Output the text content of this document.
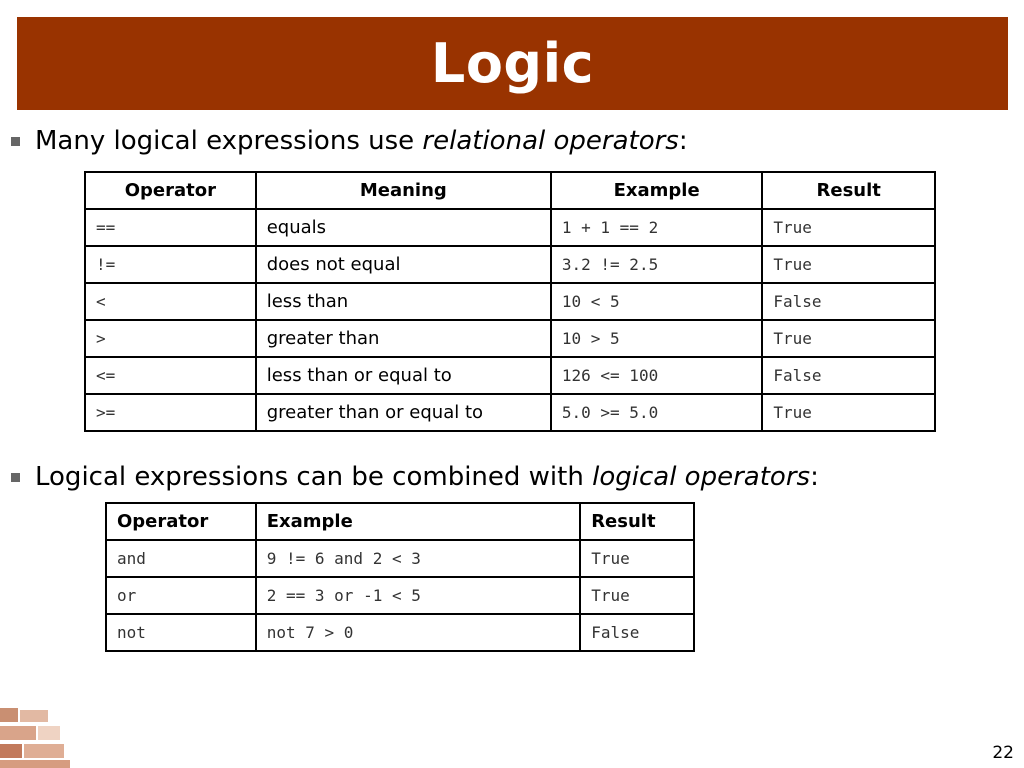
Logic
Many logical expressions use relational operators:
Operator	Meaning	Example	Result
==	equals	1 + 1 == 2	True
!=	does not equal	3.2 != 2.5	True
<	less than	10 < 5	False
>	greater than	10 > 5	True
<=	less than or equal to	126 <= 100	False
>=	greater than or equal to	5.0 >= 5.0	True
Logical expressions can be combined with logical operators:
Operator	Example	Result
and	9 != 6 and 2 < 3	True
or	2 == 3 or -1 < 5	True
not	not 7 > 0	False
22
